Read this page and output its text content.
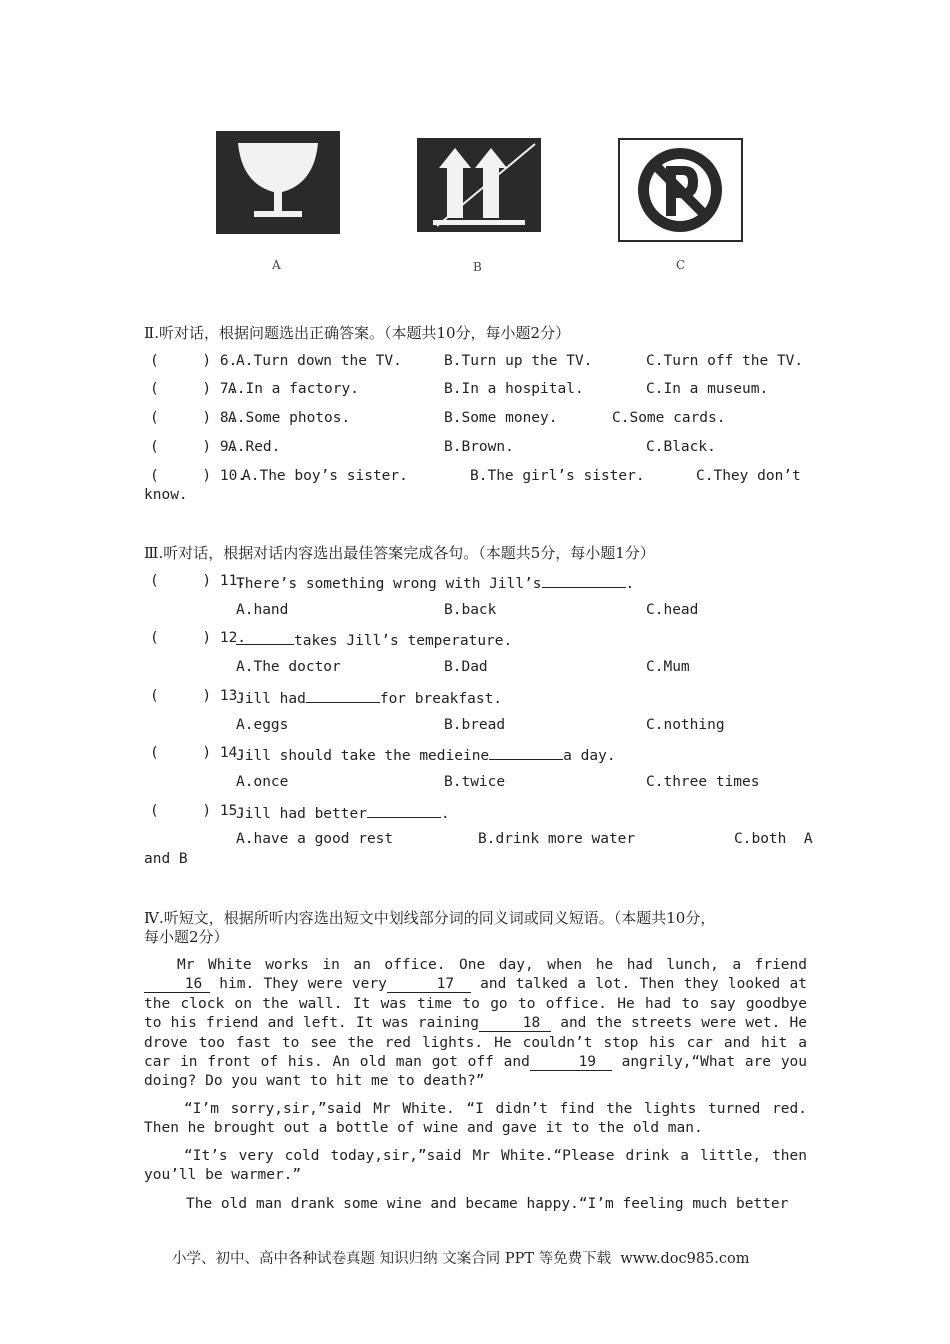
A	B	C
Ⅱ.听对话，根据问题选出正确答案。（本题共10分，每小题2分）
(     ) 6.
A.Turn down the TV.	B.Turn up the TV.	C.Turn off the TV.
(     ) 7.
A.In a factory.	B.In a hospital.	C.In a museum.
(     ) 8.
A.Some photos.	B.Some money.	C.Some cards.
(     ) 9.
A.Red.	B.Brown.	C.Black.
(     ) 10.
A.The boy’s sister.	B.The girl’s sister.	C.They don’t
know.
Ⅲ.听对话，根据对话内容选出最佳答案完成各句。（本题共5分，每小题1分）
(     ) 11.
There’s something wrong with Jill’s	.
A.hand	B.back	C.head
(     ) 12.	takes Jill’s temperature.
A.The doctor	B.Dad	C.Mum
(     ) 13.
Jill had	for breakfast.
A.eggs	B.bread	C.nothing
(     ) 14.
Jill should take the medieine	a day.
A.once	B.twice	C.three times
(     ) 15.
Jill had better	.
A.have a good rest	B.drink more water	C.both  A
and B
Ⅳ.听短文，根据所听内容选出短文中划线部分词的同义词或同义短语。（本题共10分，
每小题2分）
Mr White works in an office. One day, when he had lunch, a friend16 him. They were very	17 and talked a lot. Then they looked at the clock on the wall. It was time to go to office. He had to say goodbye to his friend and left. It was raining	18 and the streets were wet. He drove too fast to see the red lights. He couldn’t stop his car and hit a car in front of his. An old man got off and	19 angrily,“What are you doing? Do you want to hit me to death?”
“I’m sorry,sir,”said Mr White. “I didn’t find the lights turned red. Then he brought out a bottle of wine and gave it to the old man.
“It’s very cold today,sir,”said Mr White.“Please drink a little, then you’ll be warmer.”
The old man drank some wine and became happy.“I’m feeling much better
小学、初中、高中各种试卷真题 知识归纳 文案合同 PPT 等免费下载  www.doc985.com
